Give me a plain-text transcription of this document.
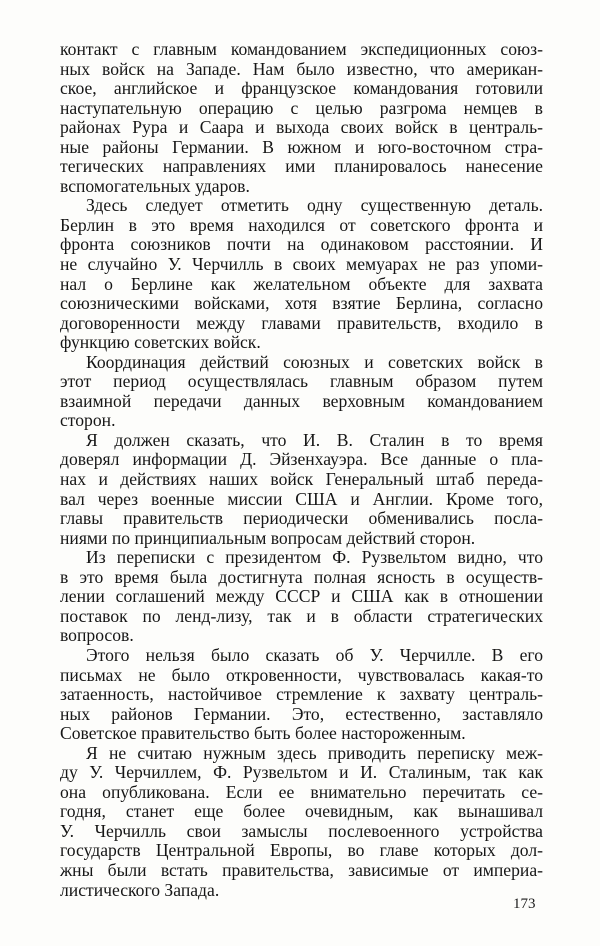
контакт с главным командованием экспедиционных союз-
ных войск на Западе. Нам было известно, что американ-
ское, английское и французское командования готовили
наступательную операцию с целью разгрома немцев в
районах Рура и Саара и выхода своих войск в централь-
ные районы Германии. В южном и юго-восточном стра-
тегических направлениях ими планировалось нанесение
вспомогательных ударов.
Здесь следует отметить одну существенную деталь.
Берлин в это время находился от советского фронта и
фронта союзников почти на одинаковом расстоянии. И
не случайно У. Черчилль в своих мемуарах не раз упоми-
нал о Берлине как желательном объекте для захвата
союзническими войсками, хотя взятие Берлина, согласно
договоренности между главами правительств, входило в
функцию советских войск.
Координация действий союзных и советских войск в
этот период осуществлялась главным образом путем
взаимной передачи данных верховным командованием
сторон.
Я должен сказать, что И. В. Сталин в то время
доверял информации Д. Эйзенхауэра. Все данные о пла-
нах и действиях наших войск Генеральный штаб переда-
вал через военные миссии США и Англии. Кроме того,
главы правительств периодически обменивались посла-
ниями по принципиальным вопросам действий сторон.
Из переписки с президентом Ф. Рузвельтом видно, что
в это время была достигнута полная ясность в осуществ-
лении соглашений между СССР и США как в отношении
поставок по ленд-лизу, так и в области стратегических
вопросов.
Этого нельзя было сказать об У. Черчилле. В его
письмах не было откровенности, чувствовалась какая-то
затаенность, настойчивое стремление к захвату централь-
ных районов Германии. Это, естественно, заставляло
Советское правительство быть более настороженным.
Я не считаю нужным здесь приводить переписку меж-
ду У. Черчиллем, Ф. Рузвельтом и И. Сталиным, так как
она опубликована. Если ее внимательно перечитать се-
годня, станет еще более очевидным, как вынашивал
У. Черчилль свои замыслы послевоенного устройства
государств Центральной Европы, во главе которых дол-
жны были встать правительства, зависимые от империа-
листического Запада.
173
